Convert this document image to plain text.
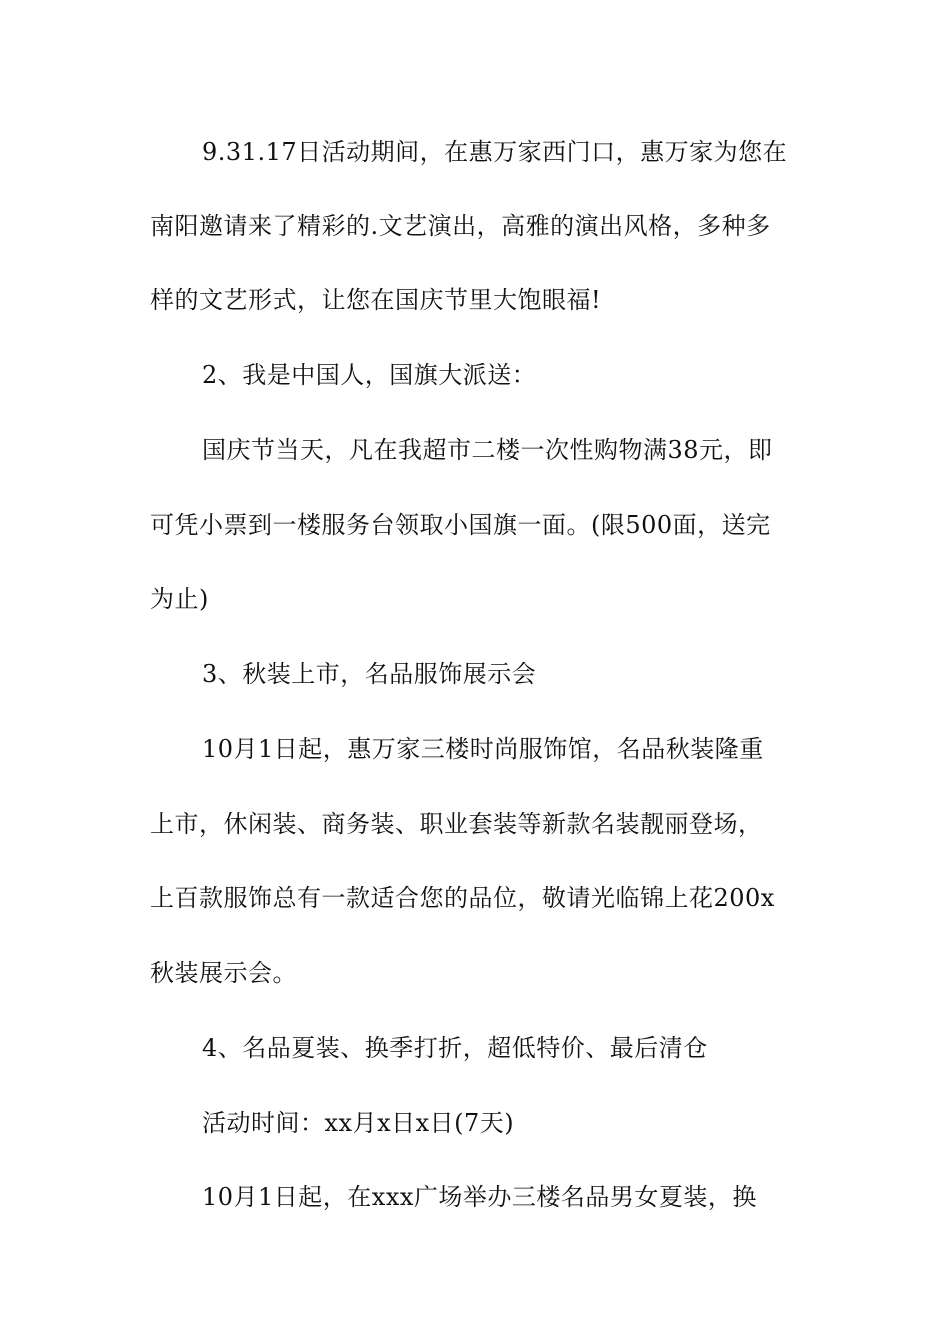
9.31.17日活动期间，在惠万家西门口，惠万家为您在
南阳邀请来了精彩的.文艺演出，高雅的演出风格，多种多
样的文艺形式，让您在国庆节里大饱眼福!
2、我是中国人，国旗大派送：
国庆节当天，凡在我超市二楼一次性购物满38元，即
可凭小票到一楼服务台领取小国旗一面。(限500面，送完
为止)
3、秋装上市，名品服饰展示会
10月1日起，惠万家三楼时尚服饰馆，名品秋装隆重
上市，休闲装、商务装、职业套装等新款名装靓丽登场，
上百款服饰总有一款适合您的品位，敬请光临锦上花200x
秋装展示会。
4、名品夏装、换季打折，超低特价、最后清仓
活动时间：xx月x日x日(7天)
10月1日起，在xxx广场举办三楼名品男女夏装，换
